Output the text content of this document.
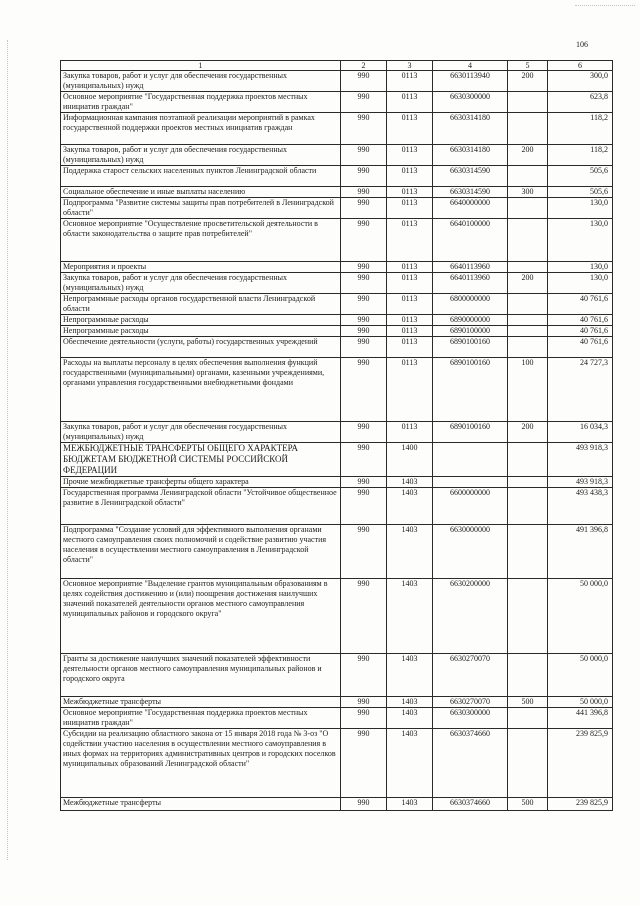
106
1	2	3	4	5	6
Закупка товаров, работ и услуг для обеспечения государственных (муниципальных) нужд	990	0113	6630113940	200	300,0
Основное мероприятие "Государственная поддержка проектов местных инициатив граждан"	990	0113	6630300000		623,8
Информационная кампания поэтапной реализации мероприятий в рамках государственной поддержки проектов местных инициатив граждан	990	0113	6630314180		118,2
Закупка товаров, работ и услуг для обеспечения государственных (муниципальных) нужд	990	0113	6630314180	200	118,2
Поддержка старост сельских населенных пунктов Ленинградской области	990	0113	6630314590		505,6
Социальное обеспечение и иные выплаты населению	990	0113	6630314590	300	505,6
Подпрограмма "Развитие системы защиты прав потребителей в Ленинградской области"	990	0113	6640000000		130,0
Основное мероприятие "Осуществление просветительской деятельности в области законодательства о защите прав потребителей"	990	0113	6640100000		130,0
Мероприятия и проекты	990	0113	6640113960		130,0
Закупка товаров, работ и услуг для обеспечения государственных (муниципальных) нужд	990	0113	6640113960	200	130,0
Непрограммные расходы органов государственной власти Ленинградской области	990	0113	6800000000		40 761,6
Непрограммные расходы	990	0113	6890000000		40 761,6
Непрограммные расходы	990	0113	6890100000		40 761,6
Обеспечение деятельности (услуги, работы) государственных учреждений	990	0113	6890100160		40 761,6
Расходы на выплаты персоналу в целях обеспечения выполнения функций государственными (муниципальными) органами, казенными учреждениями, органами управления государственными внебюджетными фондами	990	0113	6890100160	100	24 727,3
Закупка товаров, работ и услуг для обеспечения государственных (муниципальных) нужд	990	0113	6890100160	200	16 034,3
МЕЖБЮДЖЕТНЫЕ ТРАНСФЕРТЫ ОБЩЕГО ХАРАКТЕРА БЮДЖЕТАМ БЮДЖЕТНОЙ СИСТЕМЫ РОССИЙСКОЙ ФЕДЕРАЦИИ	990	1400			493 918,3
Прочие межбюджетные трансферты общего характера	990	1403			493 918,3
Государственная программа Ленинградской области "Устойчивое общественное развитие в Ленинградской области"	990	1403	6600000000		493 438,3
Подпрограмма "Создание условий для эффективного выполнения органами местного самоуправления своих полномочий и содействие развитию участия населения в осуществлении местного самоуправления в Ленинградской области"	990	1403	6630000000		491 396,8
Основное мероприятие "Выделение грантов муниципальным образованиям в целях содействия достижению и (или) поощрения достижения наилучших значений показателей деятельности органов местного самоуправления муниципальных районов и городского округа"	990	1403	6630200000		50 000,0
Гранты за достижение наилучших значений показателей эффективности деятельности органов местного самоуправления муниципальных районов и городского округа	990	1403	6630270070		50 000,0
Межбюджетные трансферты	990	1403	6630270070	500	50 000,0
Основное мероприятие "Государственная поддержка проектов местных инициатив граждан"	990	1403	6630300000		441 396,8
Субсидии на реализацию областного закона от 15 января 2018 года № 3-оз "О содействии участию населения в осуществлении местного самоуправления в иных формах на территориях административных центров и городских поселков муниципальных образований Ленинградской области"	990	1403	6630374660		239 825,9
Межбюджетные трансферты	990	1403	6630374660	500	239 825,9
